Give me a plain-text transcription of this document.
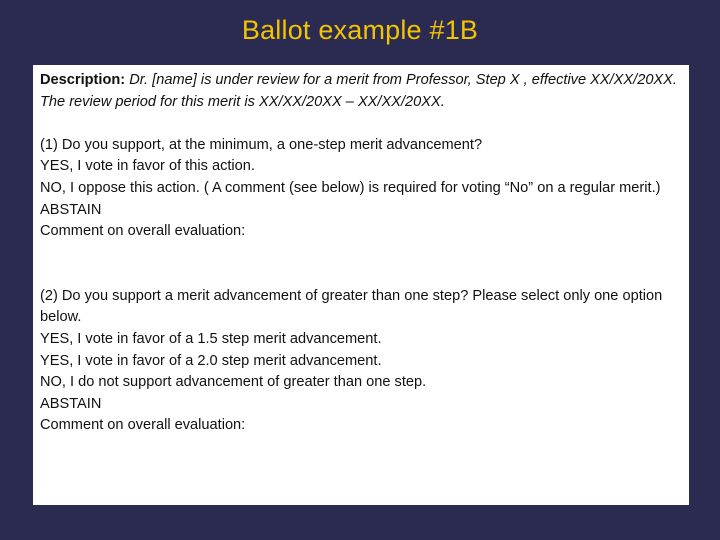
Ballot example #1B

Description: Dr. [name] is under review for a merit from Professor, Step X , effective XX/XX/20XX. The review period for this merit is XX/XX/20XX – XX/XX/20XX.

(1) Do you support, at the minimum, a one-step merit advancement?
YES, I vote in favor of this action.
NO, I oppose this action. ( A comment (see below) is required for voting “No” on a regular merit.)
ABSTAIN
Comment on overall evaluation:
(2) Do you support a merit advancement of greater than one step? Please select only one option below.
YES, I vote in favor of a 1.5 step merit advancement.
YES, I vote in favor of a 2.0 step merit advancement.
NO, I do not support advancement of greater than one step.
ABSTAIN
Comment on overall evaluation:
